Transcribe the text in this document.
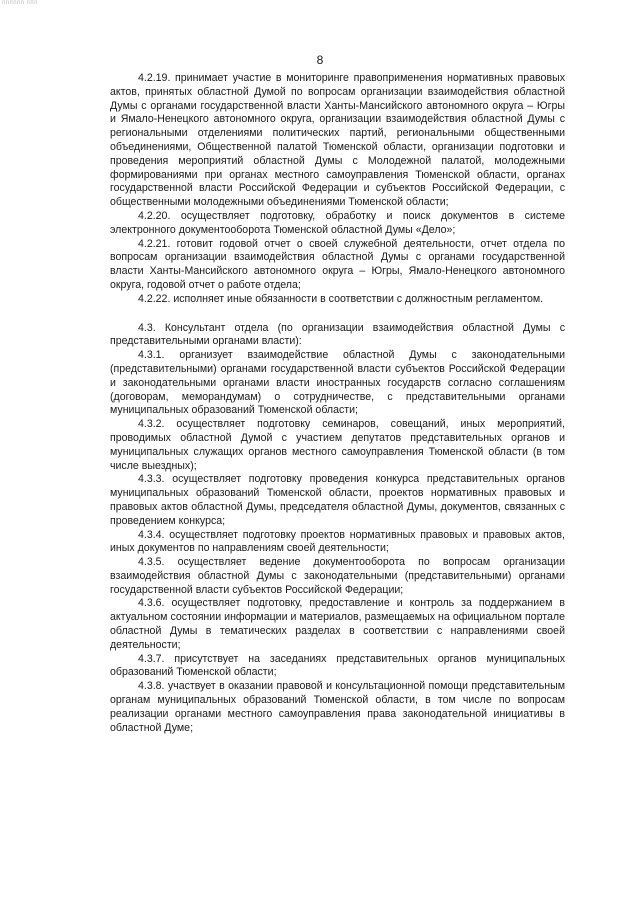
пппппп ппп
8

4.2.19. принимает участие в мониторинге правоприменения нормативных правовых актов, принятых областной Думой по вопросам организации взаимодействия областной Думы с органами государственной власти Ханты-Мансийского автономного округа – Югры и Ямало-Ненецкого автономного округа, организации взаимодействия областной Думы с региональными отделениями политических партий, региональными общественными объединениями, Общественной палатой Тюменской области, организации подготовки и проведения мероприятий областной Думы с Молодежной палатой, молодежными формированиями при органах местного самоуправления Тюменской области, органах государственной власти Российской Федерации и субъектов Российской Федерации, с общественными молодежными объединениями Тюменской области;

4.2.20. осуществляет подготовку, обработку и поиск документов в системе электронного документооборота Тюменской областной Думы «Дело»;

4.2.21. готовит годовой отчет о своей служебной деятельности, отчет отдела по вопросам организации взаимодействия областной Думы с органами государственной власти Ханты-Мансийского автономного округа – Югры, Ямало-Ненецкого автономного округа, годовой отчет о работе отдела;

4.2.22. исполняет иные обязанности в соответствии с должностным регламентом.

4.3. Консультант отдела (по организации взаимодействия областной Думы с представительными органами власти):

4.3.1. организует взаимодействие областной Думы с законодательными (представительными) органами государственной власти субъектов Российской Федерации и законодательными органами власти иностранных государств согласно соглашениям (договорам, меморандумам) о сотрудничестве, с представительными органами муниципальных образований Тюменской области;

4.3.2. осуществляет подготовку семинаров, совещаний, иных мероприятий, проводимых областной Думой с участием депутатов представительных органов и муниципальных служащих органов местного самоуправления Тюменской области (в том числе выездных);

4.3.3. осуществляет подготовку проведения конкурса представительных органов муниципальных образований Тюменской области, проектов нормативных правовых и правовых актов областной Думы, председателя областной Думы, документов, связанных с проведением конкурса;

4.3.4. осуществляет подготовку проектов нормативных правовых и правовых актов, иных документов по направлениям своей деятельности;

4.3.5. осуществляет ведение документооборота по вопросам организации взаимодействия областной Думы с законодательными (представительными) органами государственной власти субъектов Российской Федерации;

4.3.6. осуществляет подготовку, предоставление и контроль за поддержанием в актуальном состоянии информации и материалов, размещаемых на официальном портале областной Думы в тематических разделах в соответствии с направлениями своей деятельности;

4.3.7. присутствует на заседаниях представительных органов муниципальных образований Тюменской области;

4.3.8. участвует в оказании правовой и консультационной помощи представительным органам муниципальных образований Тюменской области, в том числе по вопросам реализации органами местного самоуправления права законодательной инициативы в областной Думе;
